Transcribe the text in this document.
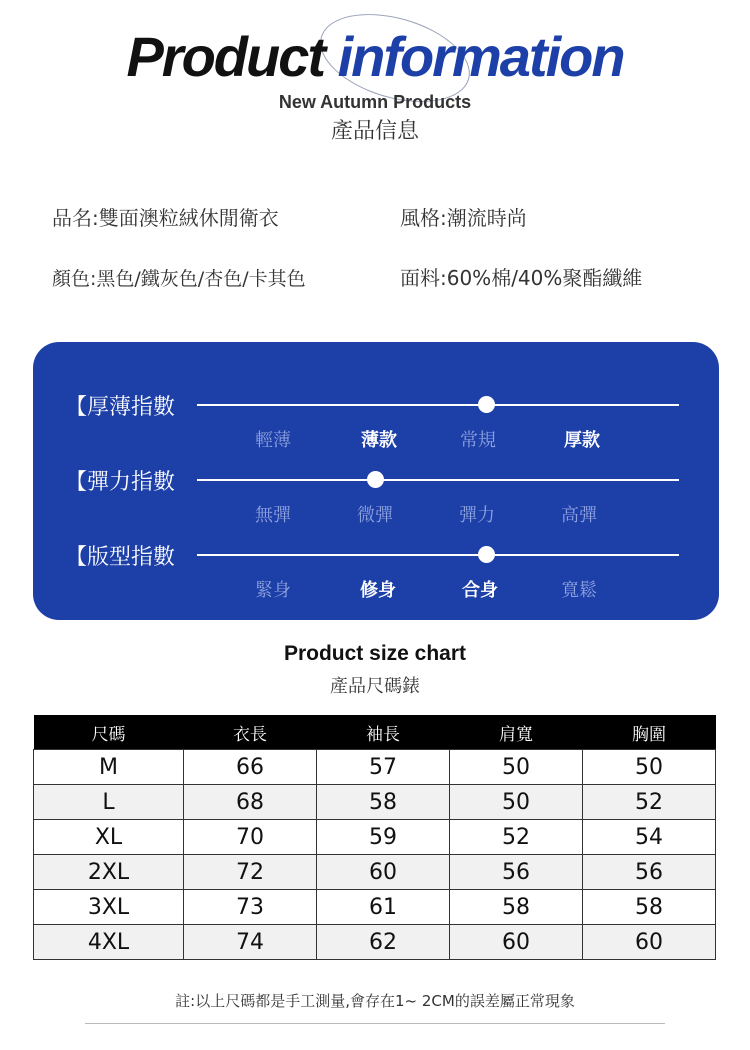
Product information
New Autumn Products
產品信息
品名:雙面澳粒絨休閒衛衣	風格:潮流時尚
顏色:黑色/鐵灰色/杏色/卡其色	面料:60%棉/40%聚酯纖維
【厚薄指數
輕薄	薄款	常規	厚款
【彈力指數
無彈	微彈	彈力	高彈
【版型指數
緊身	修身	合身	寬鬆
Product size chart
產品尺碼錶
尺碼	衣長	袖長	肩寬	胸圍
M	66	57	50	50
L	68	58	50	52
XL	70	59	52	54
2XL	72	60	56	56
3XL	73	61	58	58
4XL	74	62	60	60
註:以上尺碼都是手工測量,會存在1~ 2CM的誤差屬正常現象
